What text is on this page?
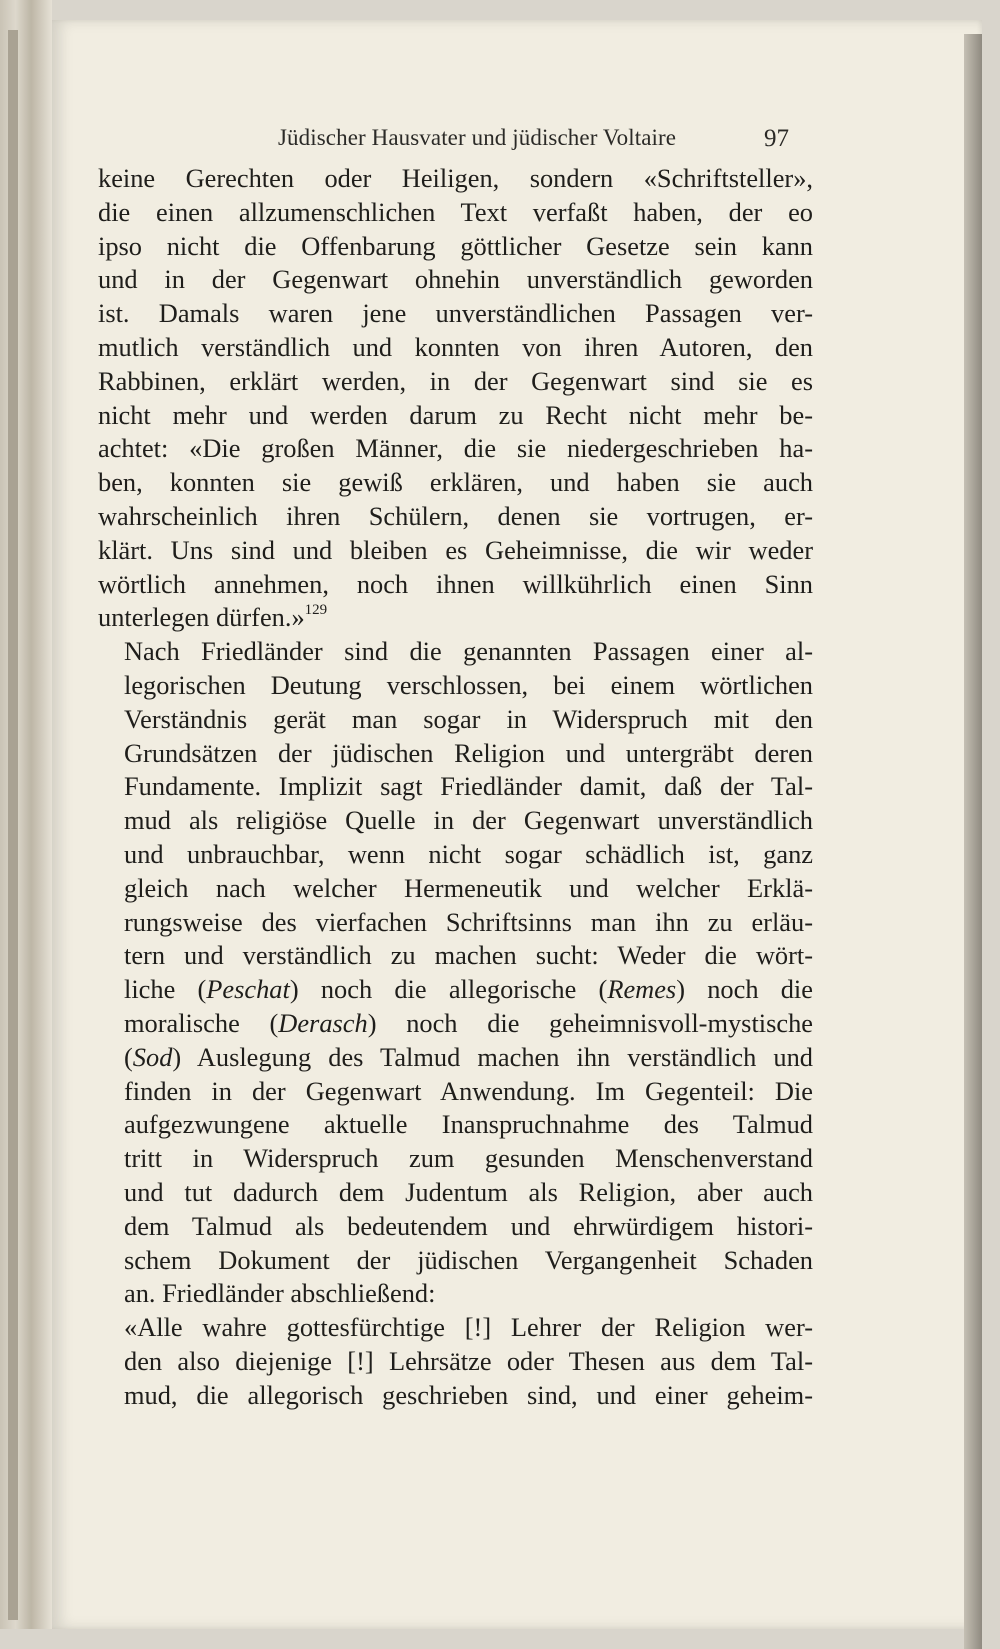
Jüdischer Hausvater und jüdischer Voltaire	97

keine Gerechten oder Heiligen, sondern «Schriftsteller»,
die einen allzumenschlichen Text verfaßt haben, der eo
ipso nicht die Offenbarung göttlicher Gesetze sein kann
und in der Gegenwart ohnehin unverständlich geworden
ist. Damals waren jene unverständlichen Passagen ver-
mutlich verständlich und konnten von ihren Autoren, den
Rabbinen, erklärt werden, in der Gegenwart sind sie es
nicht mehr und werden darum zu Recht nicht mehr be-
achtet: «Die großen Männer, die sie niedergeschrieben ha-
ben, konnten sie gewiß erklären, und haben sie auch
wahrscheinlich ihren Schülern, denen sie vortrugen, er-
klärt. Uns sind und bleiben es Geheimnisse, die wir weder
wörtlich annehmen, noch ihnen willkührlich einen Sinn
unterlegen dürfen.»$^{129}$

Nach Friedländer sind die genannten Passagen einer al-
legorischen Deutung verschlossen, bei einem wörtlichen
Verständnis gerät man sogar in Widerspruch mit den
Grundsätzen der jüdischen Religion und untergräbt deren
Fundamente. Implizit sagt Friedländer damit, daß der Tal-
mud als religiöse Quelle in der Gegenwart unverständlich
und unbrauchbar, wenn nicht sogar schädlich ist, ganz
gleich nach welcher Hermeneutik und welcher Erklä-
rungsweise des vierfachen Schriftsinns man ihn zu erläu-
tern und verständlich zu machen sucht: Weder die wört-
liche (Peschat) noch die allegorische (Remes) noch die
moralische (Derasch) noch die geheimnisvoll-mystische
(Sod) Auslegung des Talmud machen ihn verständlich und
finden in der Gegenwart Anwendung. Im Gegenteil: Die
aufgezwungene aktuelle Inanspruchnahme des Talmud
tritt in Widerspruch zum gesunden Menschenverstand
und tut dadurch dem Judentum als Religion, aber auch
dem Talmud als bedeutendem und ehrwürdigem histori-
schem Dokument der jüdischen Vergangenheit Schaden
an. Friedländer abschließend:

«Alle wahre gottesfürchtige [!] Lehrer der Religion wer-
den also diejenige [!] Lehrsätze oder Thesen aus dem Tal-
mud, die allegorisch geschrieben sind, und einer geheim-
